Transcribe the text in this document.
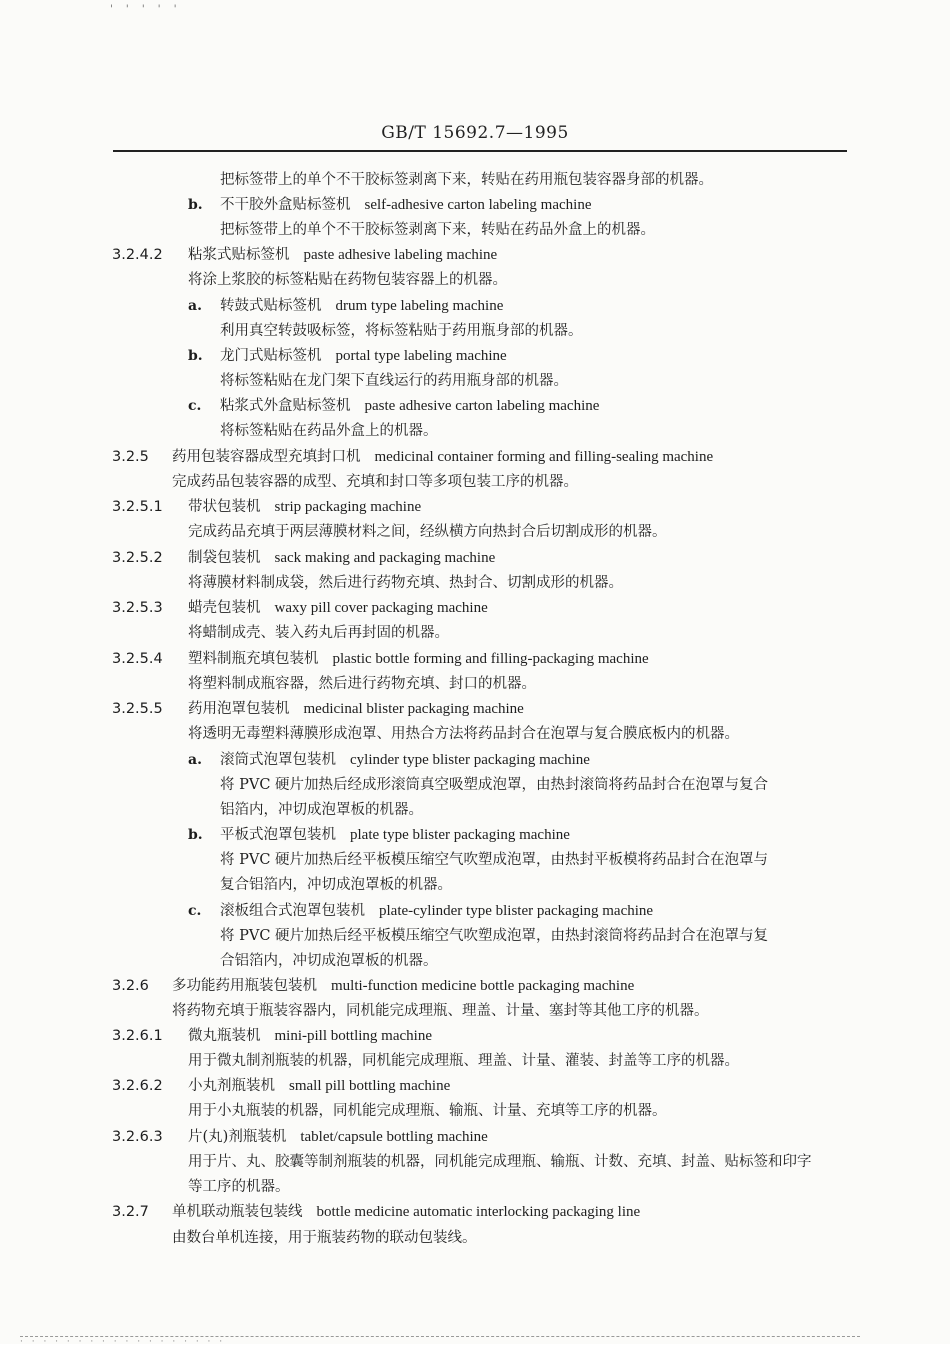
' ' ' ' '
GB/T 15692.7—1995
把标签带上的单个不干胶标签剥离下来，转贴在药用瓶包装容器身部的机器。
b. 不干胶外盒贴标签机 self-adhesive carton labeling machine
把标签带上的单个不干胶标签剥离下来，转贴在药品外盒上的机器。
3.2.4.2 粘浆式贴标签机 paste adhesive labeling machine
将涂上浆胶的标签粘贴在药物包装容器上的机器。
a. 转鼓式贴标签机 drum type labeling machine
利用真空转鼓吸标签，将标签粘贴于药用瓶身部的机器。
b. 龙门式贴标签机 portal type labeling machine
将标签粘贴在龙门架下直线运行的药用瓶身部的机器。
c. 粘浆式外盒贴标签机 paste adhesive carton labeling machine
将标签粘贴在药品外盒上的机器。
3.2.5 药用包装容器成型充填封口机 medicinal container forming and filling-sealing machine
完成药品包装容器的成型、充填和封口等多项包装工序的机器。
3.2.5.1 带状包装机 strip packaging machine
完成药品充填于两层薄膜材料之间，经纵横方向热封合后切割成形的机器。
3.2.5.2 制袋包装机 sack making and packaging machine
将薄膜材料制成袋，然后进行药物充填、热封合、切割成形的机器。
3.2.5.3 蜡壳包装机 waxy pill cover packaging machine
将蜡制成壳、装入药丸后再封固的机器。
3.2.5.4 塑料制瓶充填包装机 plastic bottle forming and filling-packaging machine
将塑料制成瓶容器，然后进行药物充填、封口的机器。
3.2.5.5 药用泡罩包装机 medicinal blister packaging machine
将透明无毒塑料薄膜形成泡罩、用热合方法将药品封合在泡罩与复合膜底板内的机器。
a. 滚筒式泡罩包装机 cylinder type blister packaging machine
将 PVC 硬片加热后经成形滚筒真空吸塑成泡罩，由热封滚筒将药品封合在泡罩与复合
铝箔内，冲切成泡罩板的机器。
b. 平板式泡罩包装机 plate type blister packaging machine
将 PVC 硬片加热后经平板模压缩空气吹塑成泡罩，由热封平板模将药品封合在泡罩与
复合铝箔内，冲切成泡罩板的机器。
c. 滚板组合式泡罩包装机 plate-cylinder type blister packaging machine
将 PVC 硬片加热后经平板模压缩空气吹塑成泡罩，由热封滚筒将药品封合在泡罩与复
合铝箔内，冲切成泡罩板的机器。
3.2.6 多功能药用瓶装包装机 multi-function medicine bottle packaging machine
将药物充填于瓶装容器内，同机能完成理瓶、理盖、计量、塞封等其他工序的机器。
3.2.6.1 微丸瓶装机 mini-pill bottling machine
用于微丸制剂瓶装的机器，同机能完成理瓶、理盖、计量、灌装、封盖等工序的机器。
3.2.6.2 小丸剂瓶装机 small pill bottling machine
用于小丸瓶装的机器，同机能完成理瓶、输瓶、计量、充填等工序的机器。
3.2.6.3 片(丸)剂瓶装机 tablet/capsule bottling machine
用于片、丸、胶囊等制剂瓶装的机器，同机能完成理瓶、输瓶、计数、充填、封盖、贴标签和印字
等工序的机器。
3.2.7 单机联动瓶装包装线 bottle medicine automatic interlocking packaging line
由数台单机连接，用于瓶装药物的联动包装线。
· · · · · · · · · · · · · · · · · ·
